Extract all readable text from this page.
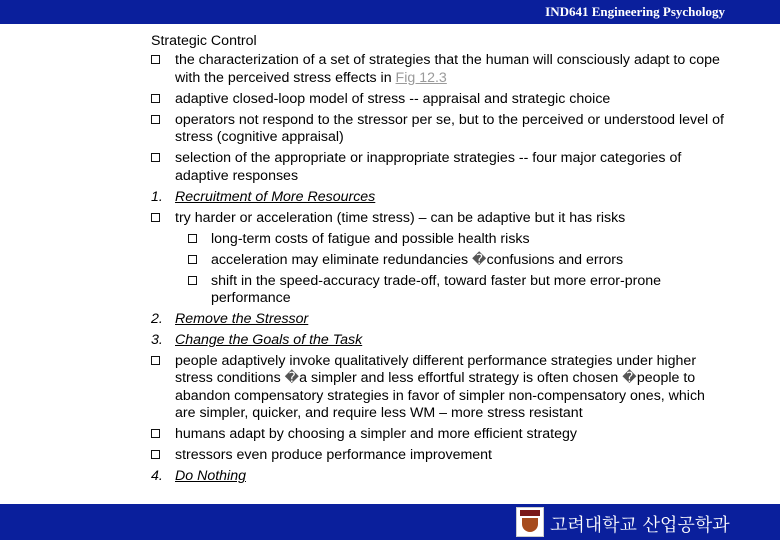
IND641 Engineering Psychology
Strategic Control
the characterization of a set of strategies that the human will consciously adapt to cope with the perceived stress effects in Fig 12.3
adaptive closed-loop model of stress -- appraisal and strategic choice
operators not respond to the stressor per se, but to the perceived or understood level of stress (cognitive appraisal)
selection of the appropriate or inappropriate strategies -- four major categories of adaptive responses
1. Recruitment of More Resources
try harder or acceleration (time stress) – can be adaptive but it has risks
long-term costs of fatigue and possible health risks
acceleration may eliminate redundancies �confusions and errors
shift in the speed-accuracy trade-off, toward faster but more error-prone performance
2. Remove the Stressor
3. Change the Goals of the Task
people adaptively invoke qualitatively different performance strategies under higher stress conditions �a simpler and less effortful strategy is often chosen �people to abandon compensatory strategies in favor of simpler non-compensatory ones, which are simpler, quicker, and require less WM – more stress resistant
humans adapt by choosing a simpler and more efficient strategy
stressors even produce performance improvement
4. Do Nothing
고려대학교 산업공학과
